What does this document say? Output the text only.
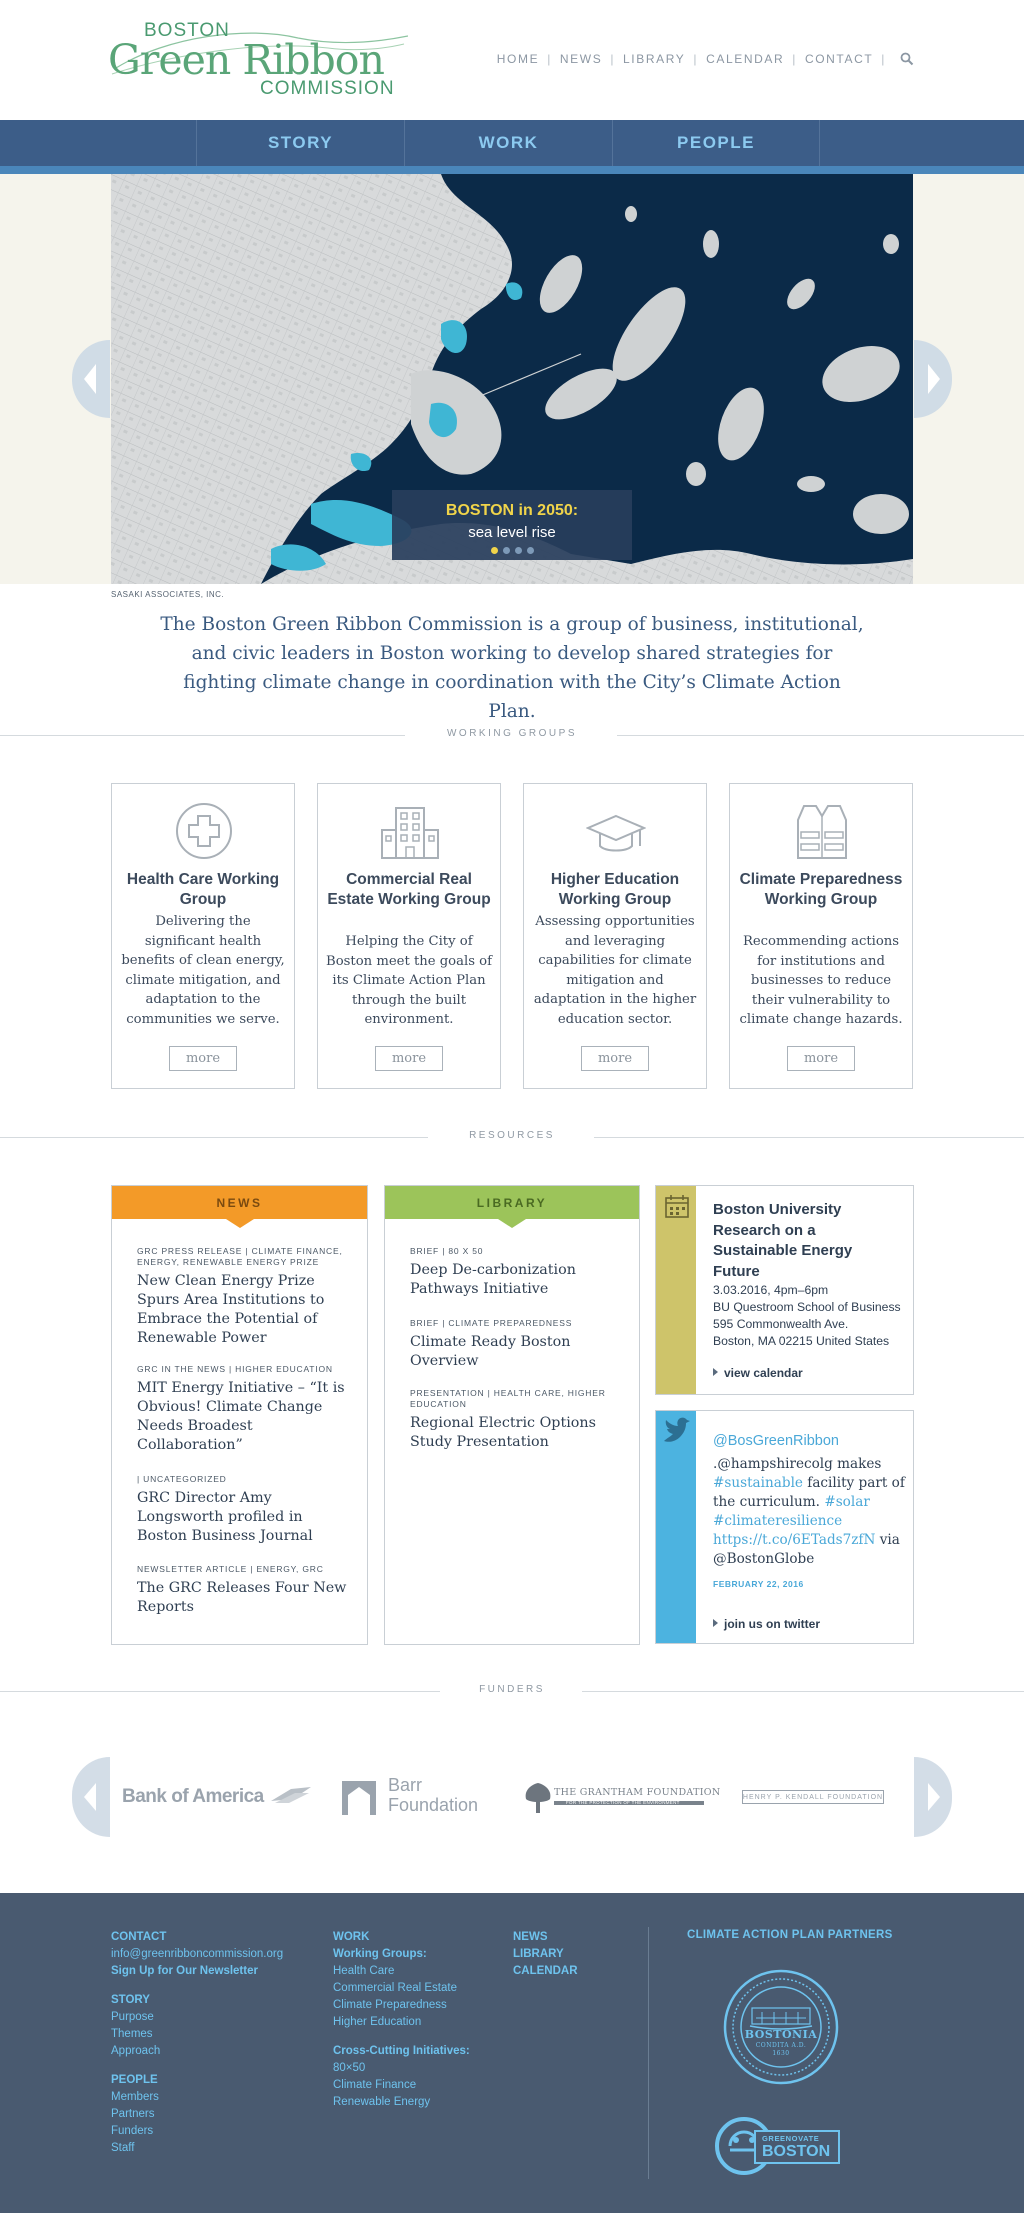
BOSTON
Green Ribbon
COMMISSION
HOME | NEWS | LIBRARY | CALENDAR | CONTACT |
STORY	WORK	PEOPLE
BOSTON in 2050:
sea level rise
SASAKI ASSOCIATES, INC.
The Boston Green Ribbon Commission is a group of business, institutional, and civic leaders in Boston working to develop shared strategies for fighting climate change in coordination with the City’s Climate Action Plan.
WORKING GROUPS
Health Care Working Group
Delivering the significant health benefits of clean energy, climate mitigation, and adaptation to the communities we serve.
more
Commercial Real Estate Working Group
Helping the City of Boston meet the goals of its Climate Action Plan through the built environment.
more
Higher Education Working Group
Assessing opportunities and leveraging capabilities for climate mitigation and adaptation in the higher education sector.
more
Climate Preparedness Working Group
Recommending actions for institutions and businesses to reduce their vulnerability to climate change hazards.
more
RESOURCES
NEWS
GRC PRESS RELEASE | CLIMATE FINANCE, ENERGY, RENEWABLE ENERGY PRIZE
New Clean Energy Prize Spurs Area Institutions to Embrace the Potential of Renewable Power
GRC IN THE NEWS | HIGHER EDUCATION
MIT Energy Initiative – “It is Obvious! Climate Change Needs Broadest Collaboration”
| UNCATEGORIZED
GRC Director Amy Longsworth profiled in Boston Business Journal
NEWSLETTER ARTICLE | ENERGY, GRC
The GRC Releases Four New Reports
LIBRARY
BRIEF | 80 X 50
Deep De-carbonization Pathways Initiative
BRIEF | CLIMATE PREPAREDNESS
Climate Ready Boston Overview
PRESENTATION | HEALTH CARE, HIGHER EDUCATION
Regional Electric Options Study Presentation
Boston University Research on a Sustainable Energy Future
3.03.2016, 4pm–6pm
BU Questroom School of Business
595 Commonwealth Ave.
Boston, MA 02215 United States
view calendar
@BosGreenRibbon
.@hampshirecolg makes #sustainable facility part of the curriculum. #solar #climateresilience https://t.co/6ETads7zfN via @BostonGlobe
FEBRUARY 22, 2016
join us on twitter
FUNDERS
Bank of America
Barr
Foundation
THE GRANTHAM FOUNDATION
FOR THE PROTECTION OF THE ENVIRONMENT
HENRY P. KENDALL FOUNDATION
CONTACT
info@greenribboncommission.org
Sign Up for Our Newsletter
STORY
Purpose
Themes
Approach
PEOPLE
Members
Partners
Funders
Staff
WORK
Working Groups:
Health Care
Commercial Real Estate
Climate Preparedness
Higher Education
Cross-Cutting Initiatives:
80×50
Climate Finance
Renewable Energy
NEWS
LIBRARY
CALENDAR
CLIMATE ACTION PLAN PARTNERS
BOSTONIA
CONDITA A.D.
1630
GREENOVATE
BOSTON
